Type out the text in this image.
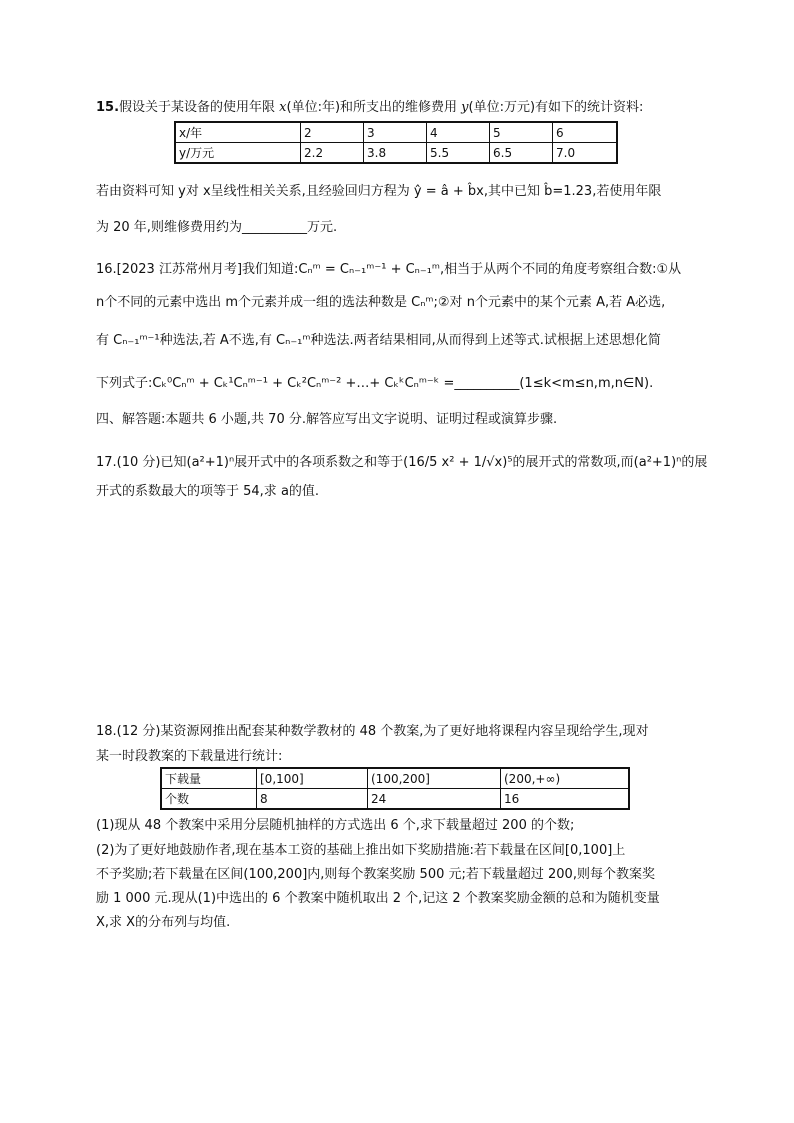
15.假设关于某设备的使用年限 x(单位:年)和所支出的维修费用 y(单位:万元)有如下的统计资料:
x/年	2	3	4	5	6
y/万元	2.2	3.8	5.5	6.5	7.0
若由资料可知 y对 x呈线性相关关系,且经验回归方程为 ŷ = â + b̂x,其中已知 b̂=1.23,若使用年限
为 20 年,则维修费用约为__________万元.
16.[2023 江苏常州月考]我们知道:Cₙᵐ = Cₙ₋₁ᵐ⁻¹ + Cₙ₋₁ᵐ,相当于从两个不同的角度考察组合数:①从
n个不同的元素中选出 m个元素并成一组的选法种数是 Cₙᵐ;②对 n个元素中的某个元素 A,若 A必选,
有 Cₙ₋₁ᵐ⁻¹种选法,若 A不选,有 Cₙ₋₁ᵐ种选法.两者结果相同,从而得到上述等式.试根据上述思想化简
下列式子:Cₖ⁰Cₙᵐ + Cₖ¹Cₙᵐ⁻¹ + Cₖ²Cₙᵐ⁻² +…+ CₖᵏCₙᵐ⁻ᵏ =__________(1≤k<m≤n,m,n∈N).
四、解答题:本题共 6 小题,共 70 分.解答应写出文字说明、证明过程或演算步骤.
17.(10 分)已知(a²+1)ⁿ展开式中的各项系数之和等于(16/5 x² + 1/√x)⁵的展开式的常数项,而(a²+1)ⁿ的展
开式的系数最大的项等于 54,求 a的值.
18.(12 分)某资源网推出配套某种数学教材的 48 个教案,为了更好地将课程内容呈现给学生,现对
某一时段教案的下载量进行统计:
下载量	[0,100]	(100,200]	(200,+∞)
个数	8	24	16
(1)现从 48 个教案中采用分层随机抽样的方式选出 6 个,求下载量超过 200 的个数;
(2)为了更好地鼓励作者,现在基本工资的基础上推出如下奖励措施:若下载量在区间[0,100]上
不予奖励;若下载量在区间(100,200]内,则每个教案奖励 500 元;若下载量超过 200,则每个教案奖
励 1 000 元.现从(1)中选出的 6 个教案中随机取出 2 个,记这 2 个教案奖励金额的总和为随机变量
X,求 X的分布列与均值.
